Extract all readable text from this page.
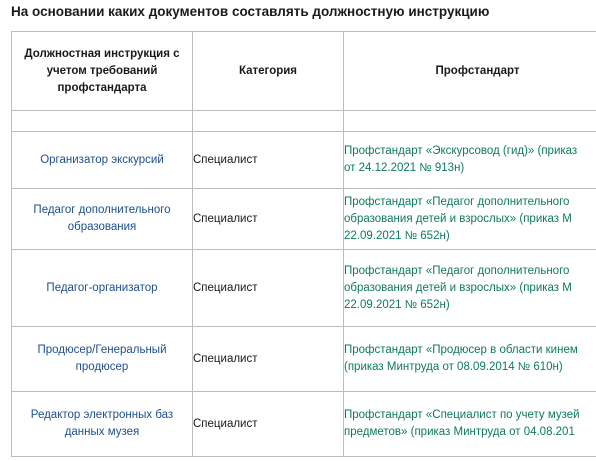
На основании каких документов составлять должностную инструкцию
Должностная инструкция с
учетом требований
профстандарта	Категория	Профстандарт

Организатор экскурсий	Специалист	Профстандарт «Экскурсовод (гид)» (приказ
от 24.12.2021 № 913н)

Педагог дополнительного
образования	Специалист	Профстандарт «Педагог дополнительного
образования детей и взрослых» (приказ М
22.09.2021 № 652н)

Педагог-организатор	Специалист	Профстандарт «Педагог дополнительного
образования детей и взрослых» (приказ М
22.09.2021 № 652н)

Продюсер/Генеральный
продюсер	Специалист	Профстандарт «Продюсер в области кинем
(приказ Минтруда от 08.09.2014 № 610н)

Редактор электронных баз
данных музея	Специалист	Профстандарт «Специалист по учету музей
предметов» (приказ Минтруда от 04.08.201
